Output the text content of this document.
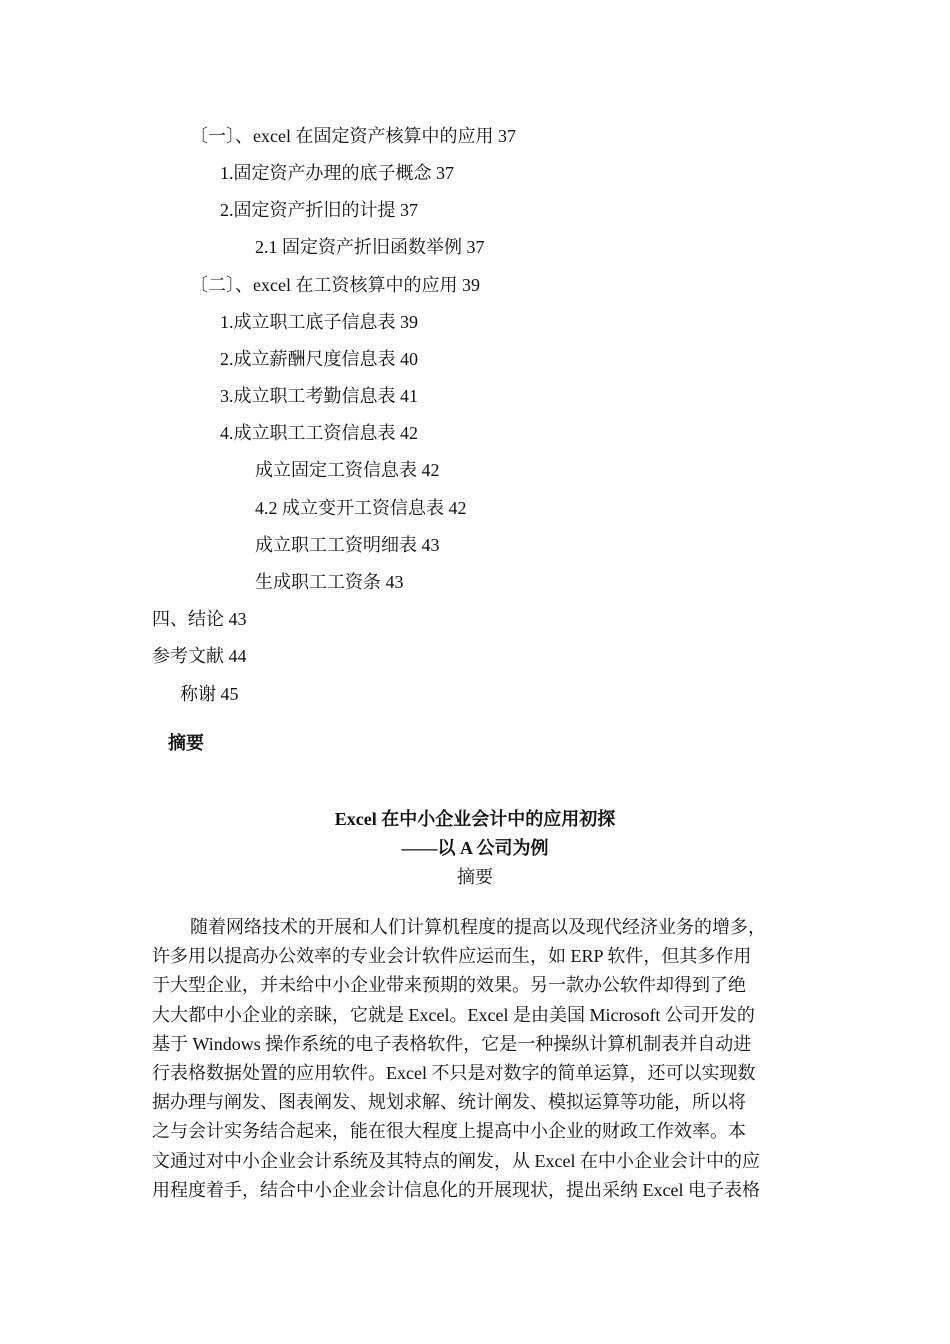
〔一〕、excel 在固定资产核算中的应用 37
1.固定资产办理的底子概念 37
2.固定资产折旧的计提 37
2.1 固定资产折旧函数举例 37
〔二〕、excel 在工资核算中的应用 39
1.成立职工底子信息表 39
2.成立薪酬尺度信息表 40
3.成立职工考勤信息表 41
4.成立职工工资信息表 42
成立固定工资信息表 42
4.2 成立变开工资信息表 42
成立职工工资明细表 43
生成职工工资条 43
四、结论 43
参考文献 44
称谢 45
摘要
Excel 在中小企业会计中的应用初探
——以 A 公司为例
摘要
随着网络技术的开展和人们计算机程度的提高以及现代经济业务的增多，
许多用以提高办公效率的专业会计软件应运而生，如 ERP 软件，但其多作用
于大型企业，并未给中小企业带来预期的效果。另一款办公软件却得到了绝
大大都中小企业的亲睐，它就是 Excel。Excel 是由美国 Microsoft 公司开发的
基于 Windows 操作系统的电子表格软件，它是一种操纵计算机制表并自动进
行表格数据处置的应用软件。Excel 不只是对数字的简单运算，还可以实现数
据办理与阐发、图表阐发、规划求解、统计阐发、模拟运算等功能，所以将
之与会计实务结合起来，能在很大程度上提高中小企业的财政工作效率。本
文通过对中小企业会计系统及其特点的阐发，从 Excel 在中小企业会计中的应
用程度着手，结合中小企业会计信息化的开展现状，提出采纳 Excel 电子表格
